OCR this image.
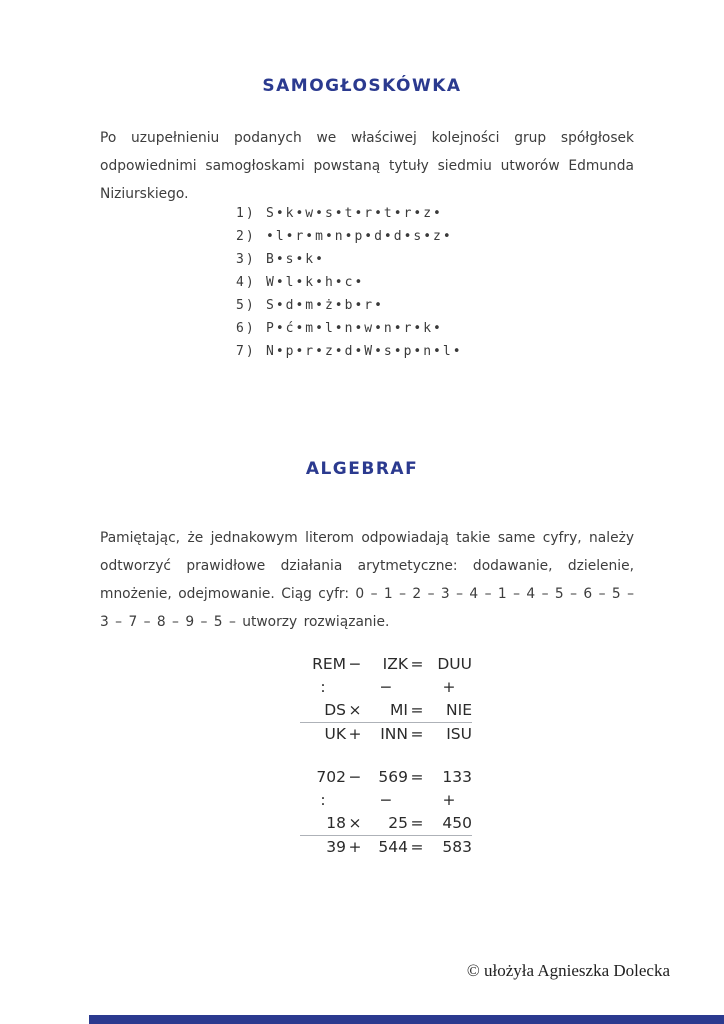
SAMOGŁOSKÓWKA
Po uzupełnieniu podanych we właściwej kolejności grup spółgłosek odpowiednimi samogłoskami powstaną tytuły siedmiu utworów Edmunda Niziurskiego.
1) S•k•w•s•t•r•t•r•z•
2) •l•r•m•n•p•d•d•s•z•
3) B•s•k•
4) W•l•k•h•c•
5) S•d•m•ż•b•r•
6) P•ć•m•l•n•w•n•r•k•
7) N•p•r•z•d•W•s•p•n•l•
ALGEBRAF
Pamiętając, że jednakowym literom odpowiadają takie same cyfry, należy odtworzyć prawidłowe działania arytmetyczne: dodawanie, dzielenie, mnożenie, odejmowanie. Ciąg cyfr: 0 – 1 – 2 – 3 – 4 – 1 – 4 – 5 – 6 – 5 – 3 – 7 – 8 – 9 – 5 – utworzy rozwiązanie.
REM	−	IZK	=	DUU
:		−		+
DS	×	MI	=	NIE
UK	+	INN	=	ISU
702	−	569	=	133
:		−		+
18	×	25	=	450
39	+	544	=	583
© ułożyła Agnieszka Dolecka
